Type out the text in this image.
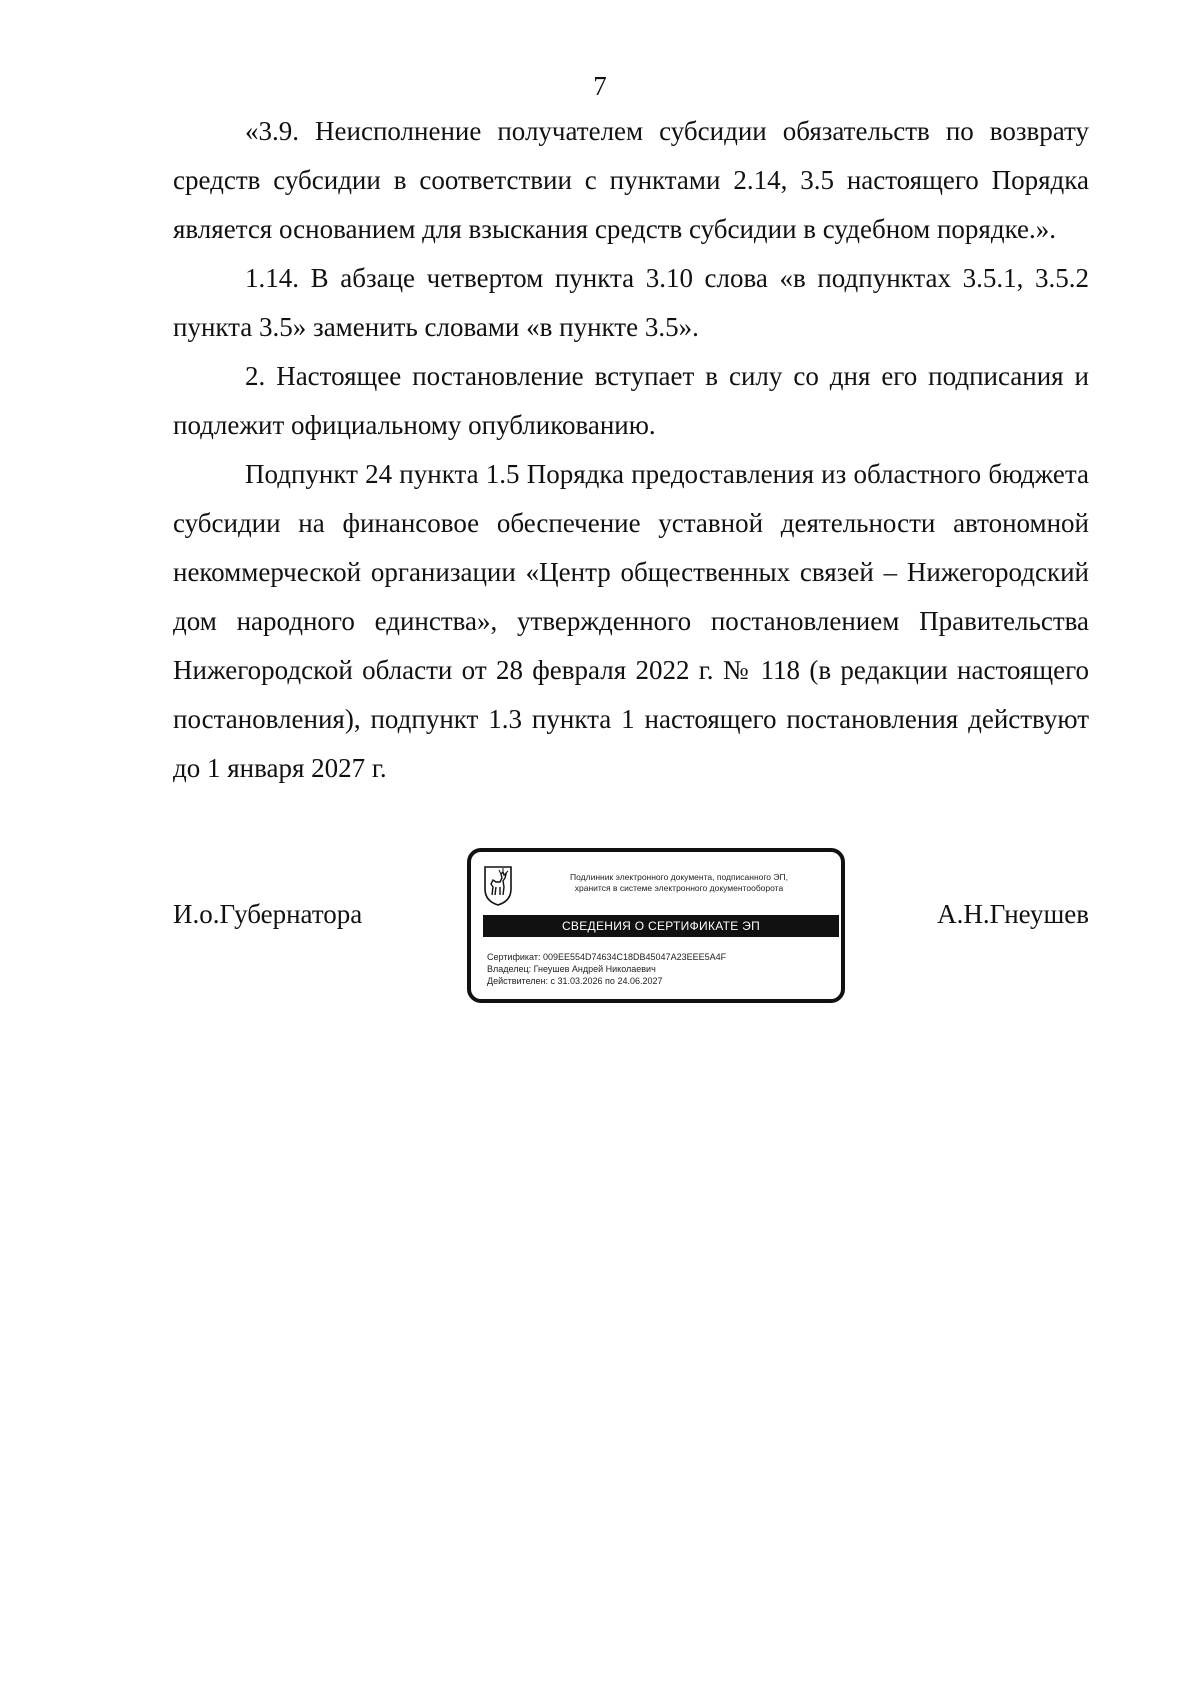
7

«3.9. Неисполнение получателем субсидии обязательств по возврату средств субсидии в соответствии с пунктами 2.14, 3.5 настоящего Порядка является основанием для взыскания средств субсидии в судебном порядке.».

1.14. В абзаце четвертом пункта 3.10 слова «в подпунктах 3.5.1, 3.5.2 пункта 3.5» заменить словами «в пункте 3.5».

2. Настоящее постановление вступает в силу со дня его подписания и подлежит официальному опубликованию.

Подпункт 24 пункта 1.5 Порядка предоставления из областного бюджета субсидии на финансовое обеспечение уставной деятельности автономной некоммерческой организации «Центр общественных связей – Нижегородский дом народного единства», утвержденного постановлением Правительства Нижегородской области от 28 февраля 2022 г. № 118 (в редакции настоящего постановления), подпункт 1.3 пункта 1 настоящего постановления действуют до 1 января 2027 г.

И.о.Губернатора
Подлинник электронного документа, подписанного ЭП,
хранится в системе электронного документооборота
СВЕДЕНИЯ О СЕРТИФИКАТЕ ЭП
Сертификат: 009EE554D74634C18DB45047A23EEE5A4F
Владелец: Гнеушев Андрей Николаевич
Действителен: с 31.03.2026 по 24.06.2027
А.Н.Гнеушев
